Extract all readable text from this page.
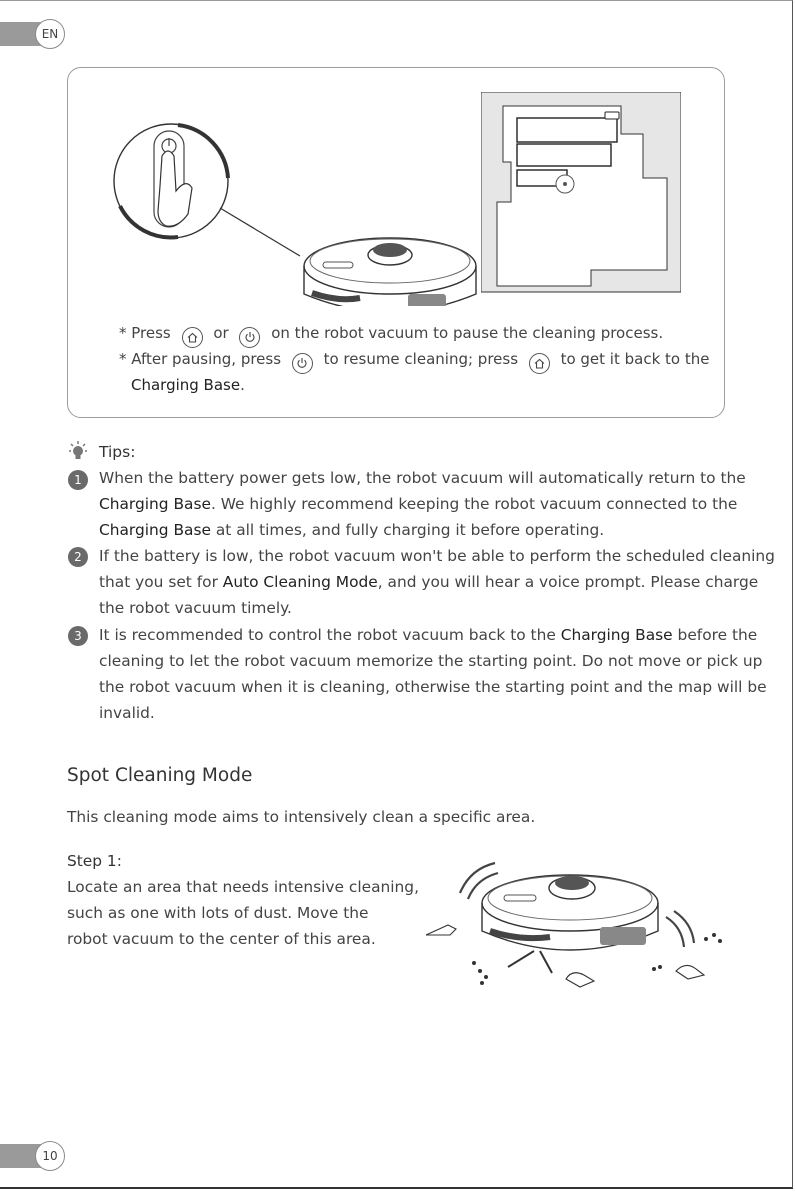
EN
* Press	or	on the robot vacuum to pause the cleaning process.
* After pausing, press	to resume cleaning; press	to get it back to the
Charging Base.
Tips:
1	When the battery power gets low, the robot vacuum will automatically return to the
Charging Base. We highly recommend keeping the robot vacuum connected to the
Charging Base at all times, and fully charging it before operating.
2	If the battery is low, the robot vacuum won't be able to perform the scheduled cleaning
that you set for Auto Cleaning Mode, and you will hear a voice prompt. Please charge
the robot vacuum timely.
3	It is recommended to control the robot vacuum back to the Charging Base before the
cleaning to let the robot vacuum memorize the starting point. Do not move or pick up
the robot vacuum when it is cleaning, otherwise the starting point and the map will be
invalid.
Spot Cleaning Mode
This cleaning mode aims to intensively clean a specific area.
Step 1:
Locate an area that needs intensive cleaning,
such as one with lots of dust. Move the
robot vacuum to the center of this area.
10
